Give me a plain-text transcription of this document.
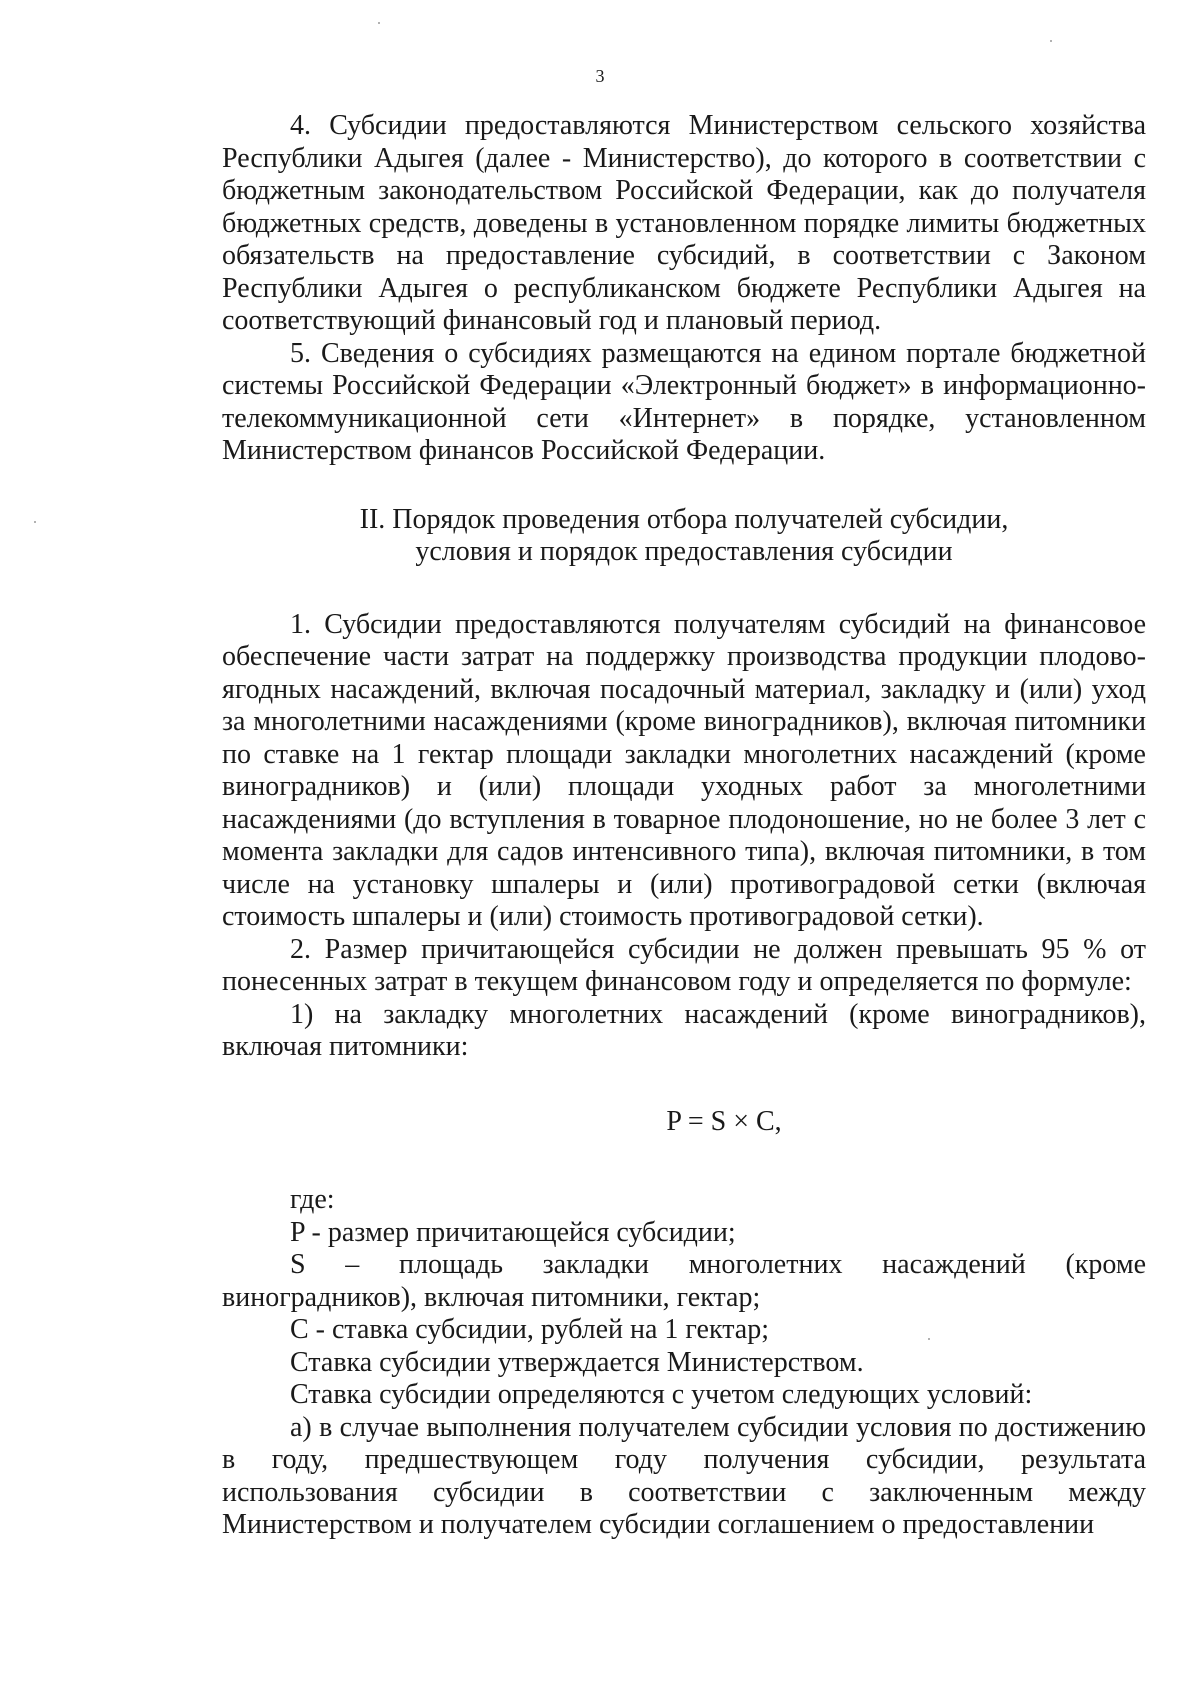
3

4. Субсидии предоставляются Министерством сельского хозяйства Республики Адыгея (далее - Министерство), до которого в соответствии с бюджетным законодательством Российской Федерации, как до получателя бюджетных средств, доведены в установленном порядке лимиты бюджетных обязательств на предоставление субсидий, в соответствии с Законом Республики Адыгея о республиканском бюджете Республики Адыгея на соответствующий финансовый год и плановый период.

5. Сведения о субсидиях размещаются на едином портале бюджетной системы Российской Федерации «Электронный бюджет» в информационно-телекоммуникационной сети «Интернет» в порядке, установленном Министерством финансов Российской Федерации.

II. Порядок проведения отбора получателей субсидии,

условия и порядок предоставления субсидии

1. Субсидии предоставляются получателям субсидий на финансовое обеспечение части затрат на поддержку производства продукции плодово-ягодных насаждений, включая посадочный материал, закладку и (или) уход за многолетними насаждениями (кроме виноградников), включая питомники по ставке на 1 гектар площади закладки многолетних насаждений (кроме виноградников) и (или) площади уходных работ за многолетними насаждениями (до вступления в товарное плодоношение, но не более 3 лет с момента закладки для садов интенсивного типа), включая питомники, в том числе на установку шпалеры и (или) противоградовой сетки (включая стоимость шпалеры и (или) стоимость противоградовой сетки).

2. Размер причитающейся субсидии не должен превышать 95 % от понесенных затрат в текущем финансовом году и определяется по формуле:

1) на закладку многолетних насаждений (кроме виноградников), включая питомники:

P = S × C,

где:

P - размер причитающейся субсидии;

S – площадь закладки многолетних насаждений (кроме виноградников), включая питомники, гектар;

C - ставка субсидии, рублей на 1 гектар;

Ставка субсидии утверждается Министерством.

Ставка субсидии определяются с учетом следующих условий:

а) в случае выполнения получателем субсидии условия по достижению в году, предшествующем году получения субсидии, результата использования субсидии в соответствии с заключенным между Министерством и получателем субсидии соглашением о предоставлении
